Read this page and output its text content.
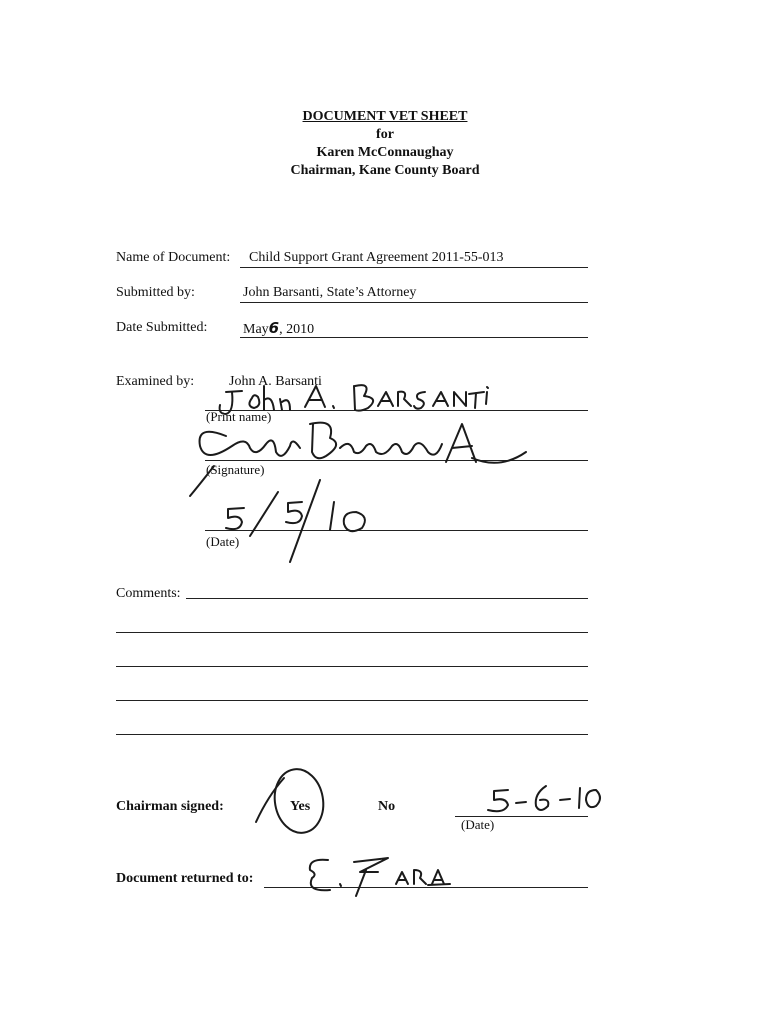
DOCUMENT VET SHEET
for
Karen McConnaughay
Chairman, Kane County Board
Name of Document: Child Support Grant Agreement 2011-55-013
Submitted by:	John Barsanti, State’s Attorney
Date Submitted:	May6, 2010
Examined by: John A. Barsanti
(Print name)
(Signature)
(Date)
Comments:
Chairman signed:	Yes	No
(Date)
Document returned to:
